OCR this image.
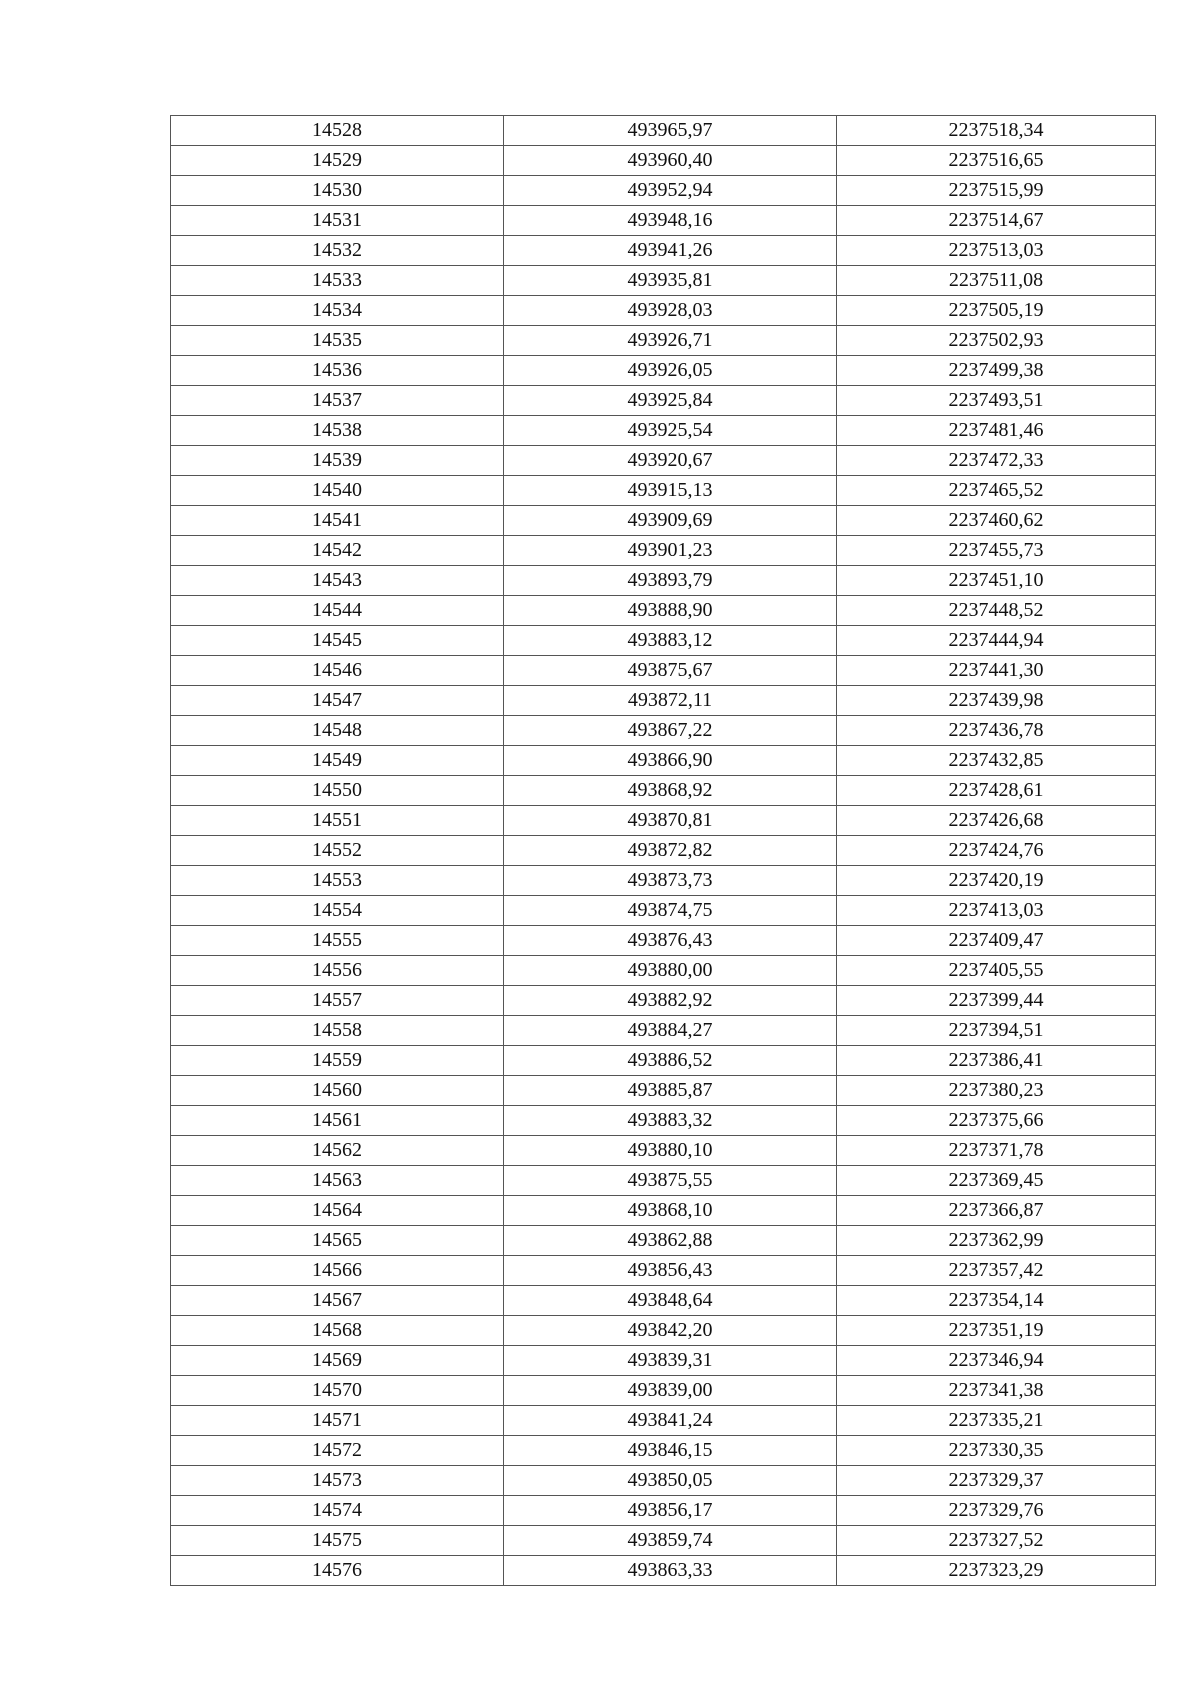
14528	493965,97	2237518,34
14529	493960,40	2237516,65
14530	493952,94	2237515,99
14531	493948,16	2237514,67
14532	493941,26	2237513,03
14533	493935,81	2237511,08
14534	493928,03	2237505,19
14535	493926,71	2237502,93
14536	493926,05	2237499,38
14537	493925,84	2237493,51
14538	493925,54	2237481,46
14539	493920,67	2237472,33
14540	493915,13	2237465,52
14541	493909,69	2237460,62
14542	493901,23	2237455,73
14543	493893,79	2237451,10
14544	493888,90	2237448,52
14545	493883,12	2237444,94
14546	493875,67	2237441,30
14547	493872,11	2237439,98
14548	493867,22	2237436,78
14549	493866,90	2237432,85
14550	493868,92	2237428,61
14551	493870,81	2237426,68
14552	493872,82	2237424,76
14553	493873,73	2237420,19
14554	493874,75	2237413,03
14555	493876,43	2237409,47
14556	493880,00	2237405,55
14557	493882,92	2237399,44
14558	493884,27	2237394,51
14559	493886,52	2237386,41
14560	493885,87	2237380,23
14561	493883,32	2237375,66
14562	493880,10	2237371,78
14563	493875,55	2237369,45
14564	493868,10	2237366,87
14565	493862,88	2237362,99
14566	493856,43	2237357,42
14567	493848,64	2237354,14
14568	493842,20	2237351,19
14569	493839,31	2237346,94
14570	493839,00	2237341,38
14571	493841,24	2237335,21
14572	493846,15	2237330,35
14573	493850,05	2237329,37
14574	493856,17	2237329,76
14575	493859,74	2237327,52
14576	493863,33	2237323,29
